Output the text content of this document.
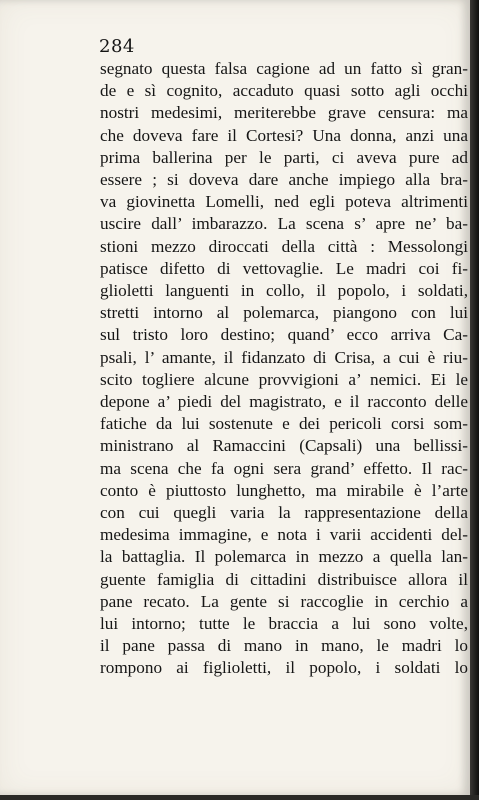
284

segnato questa falsa cagione ad un fatto sì gran-
de e sì cognito, accaduto quasi sotto agli occhi
nostri medesimi, meriterebbe grave censura: ma
che doveva fare il Cortesi? Una donna, anzi una
prima ballerina per le parti, ci aveva pure ad
essere ; si doveva dare anche impiego alla bra-
va giovinetta Lomelli, ned egli poteva altrimenti
uscire dall’ imbarazzo. La scena s’ apre ne’ ba-
stioni mezzo diroccati della città : Messolongi
patisce difetto di vettovaglie. Le madri coi fi-
glioletti languenti in collo, il popolo, i soldati,
stretti intorno al polemarca, piangono con lui
sul tristo loro destino; quand’ ecco arriva Ca-
psali, l’ amante, il fidanzato di Crisa, a cui è riu-
scito togliere alcune provvigioni a’ nemici. Ei le
depone a’ piedi del magistrato, e il racconto delle
fatiche da lui sostenute e dei pericoli corsi som-
ministrano al Ramaccini (Capsali) una bellissi-
ma scena che fa ogni sera grand’ effetto. Il rac-
conto è piuttosto lunghetto, ma mirabile è l’arte
con cui quegli varia la rappresentazione della
medesima immagine, e nota i varii accidenti del-
la battaglia. Il polemarca in mezzo a quella lan-
guente famiglia di cittadini distribuisce allora il
pane recato. La gente si raccoglie in cerchio a
lui intorno; tutte le braccia a lui sono volte,
il pane passa di mano in mano, le madri lo
rompono ai figlioletti, il popolo, i soldati lo
